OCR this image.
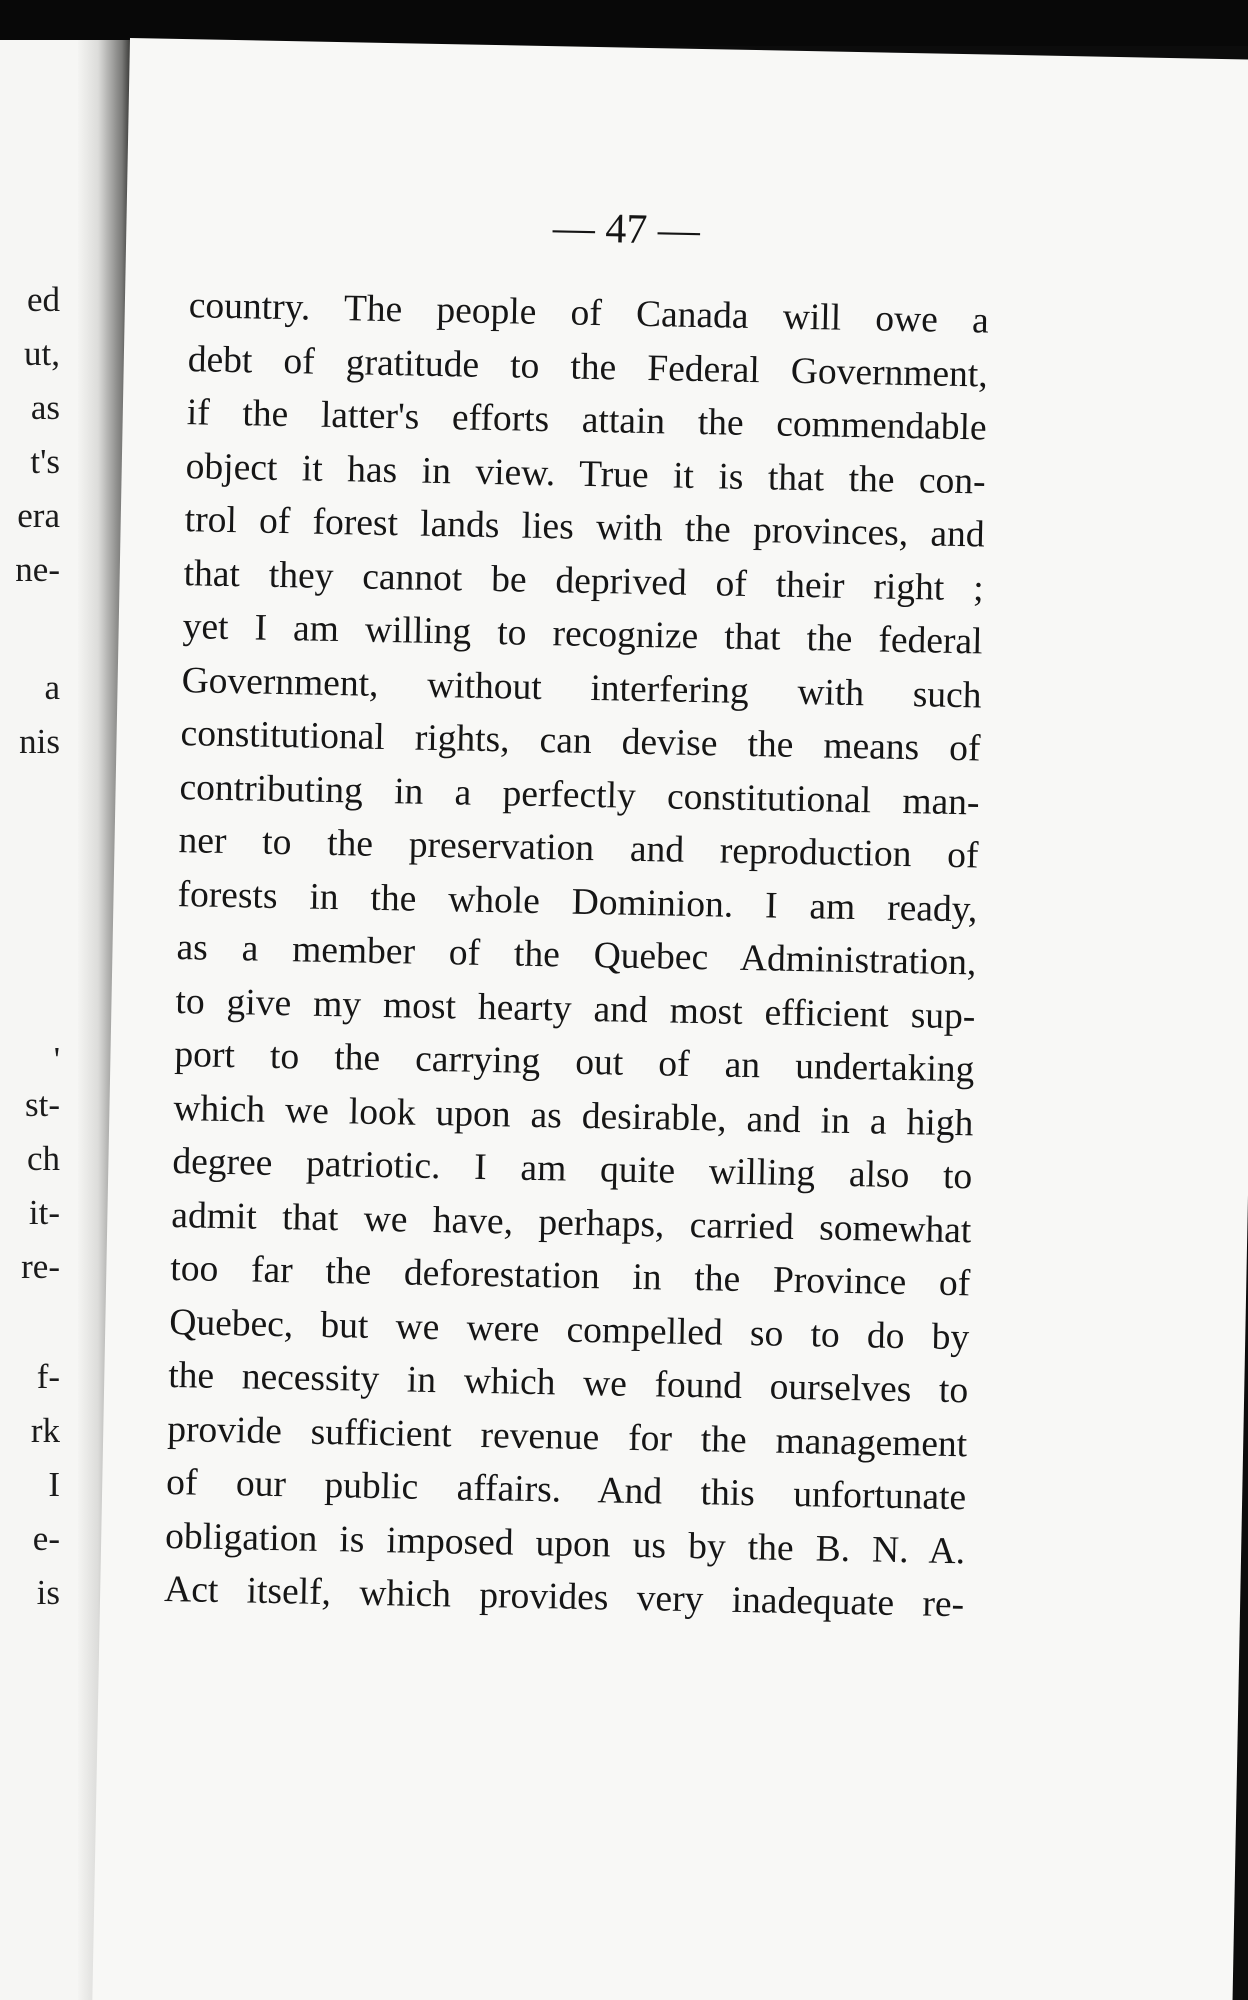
ed
ut,
as
t's
era
ne-
a
nis
'
st-
ch
it-
re-
f-
rk
I
e-
is
— 47 —
country. The people of Canada will owe a
debt of gratitude to the Federal Government,
if the latter's efforts attain the commendable
object it has in view. True it is that the con-
trol of forest lands lies with the provinces, and
that they cannot be deprived of their right ;
yet I am willing to recognize that the federal
Government, without interfering with such
constitutional rights, can devise the means of
contributing in a perfectly constitutional man-
ner to the preservation and reproduction of
forests in the whole Dominion. I am ready,
as a member of the Quebec Administration,
to give my most hearty and most efficient sup-
port to the carrying out of an undertaking
which we look upon as desirable, and in a high
degree patriotic. I am quite willing also to
admit that we have, perhaps, carried somewhat
too far the deforestation in the Province of
Quebec, but we were compelled so to do by
the necessity in which we found ourselves to
provide sufficient revenue for the management
of our public affairs. And this unfortunate
obligation is imposed upon us by the B. N. A.
Act itself, which provides very inadequate re-
